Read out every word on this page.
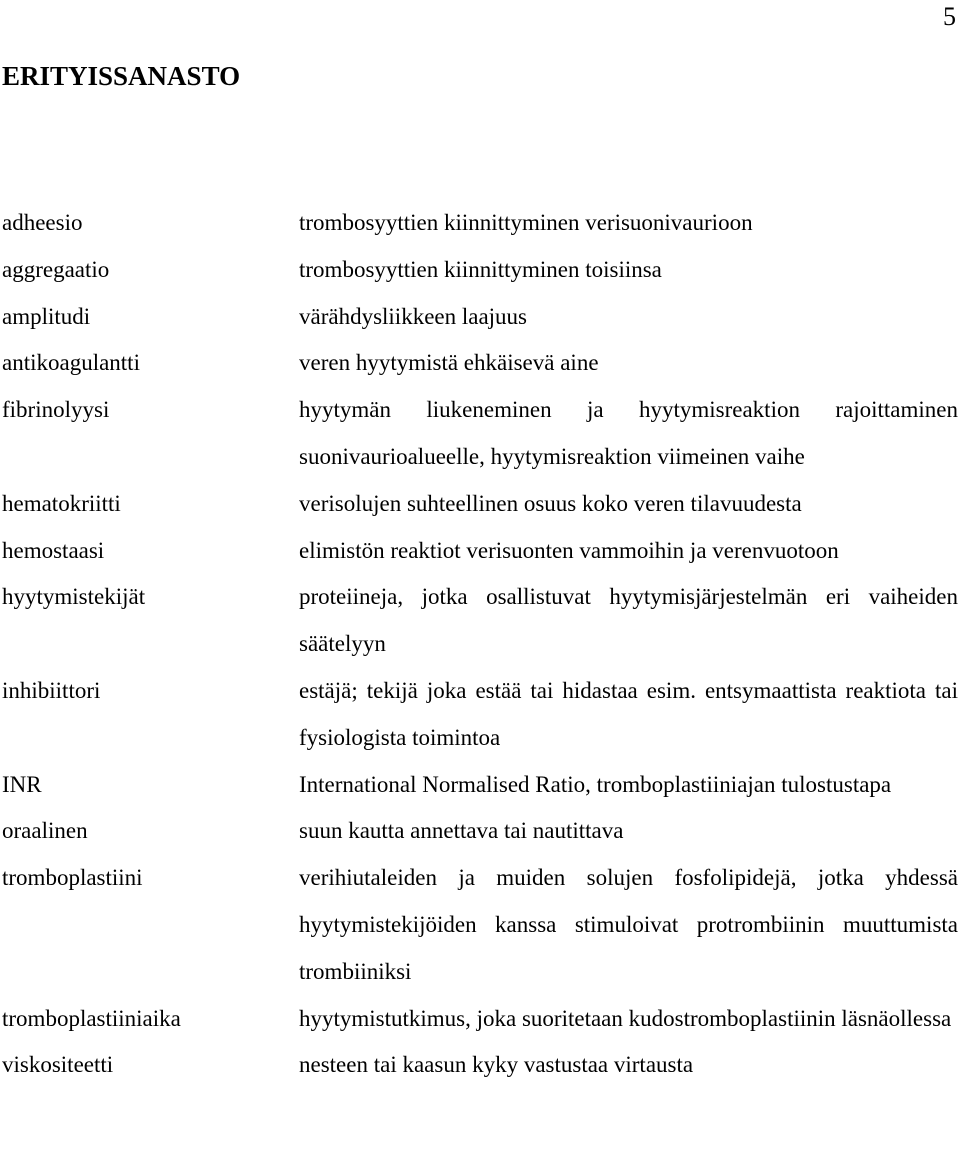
5
ERITYISSANASTO
adheesio	trombosyyttien kiinnittyminen verisuonivaurioon
aggregaatio	trombosyyttien kiinnittyminen toisiinsa
amplitudi	värähdysliikkeen laajuus
antikoagulantti	veren hyytymistä ehkäisevä aine
fibrinolyysi	hyytymän liukeneminen ja hyytymisreaktion rajoittaminen suonivaurioalueelle, hyytymisreaktion viimeinen vaihe
hematokriitti	verisolujen suhteellinen osuus koko veren tilavuudesta
hemostaasi	elimistön reaktiot verisuonten vammoihin ja verenvuotoon
hyytymistekijät	proteiineja, jotka osallistuvat hyytymisjärjestelmän eri vaiheiden säätelyyn
inhibiittori	estäjä; tekijä joka estää tai hidastaa esim. entsymaattista reaktiota tai fysiologista toimintoa
INR	International Normalised Ratio, tromboplastiiniajan tulostustapa
oraalinen	suun kautta annettava tai nautittava
tromboplastiini	verihiutaleiden ja muiden solujen fosfolipidejä, jotka yhdessä hyytymistekijöiden kanssa stimuloivat protrombiinin muuttumista trombiiniksi
tromboplastiiniaika	hyytymistutkimus, joka suoritetaan kudostromboplastiinin läsnäollessa
viskositeetti	nesteen tai kaasun kyky vastustaa virtausta
